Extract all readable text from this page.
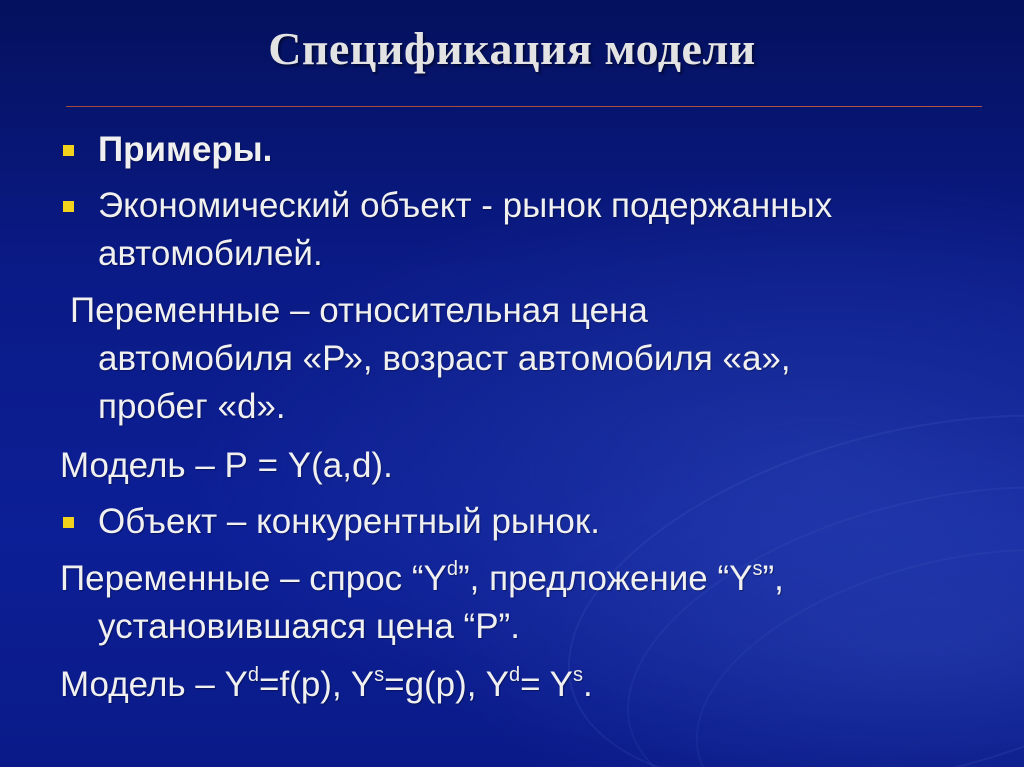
Спецификация модели
Примеры.
Экономический объект - рынок подержанных
автомобилей.
Переменные – относительная цена
автомобиля «Р», возраст автомобиля «а»,
пробег «d».
Модель – Р = Y(a,d).
Объект – конкурентный рынок.
Переменные – спрос “$Y^d$”, предложение “$Y^s$”,
установившаяся цена “Р”.
Модель – $Y^d=f(p)$, $Y^s=g(p)$, $Y^d= Y^s$.
